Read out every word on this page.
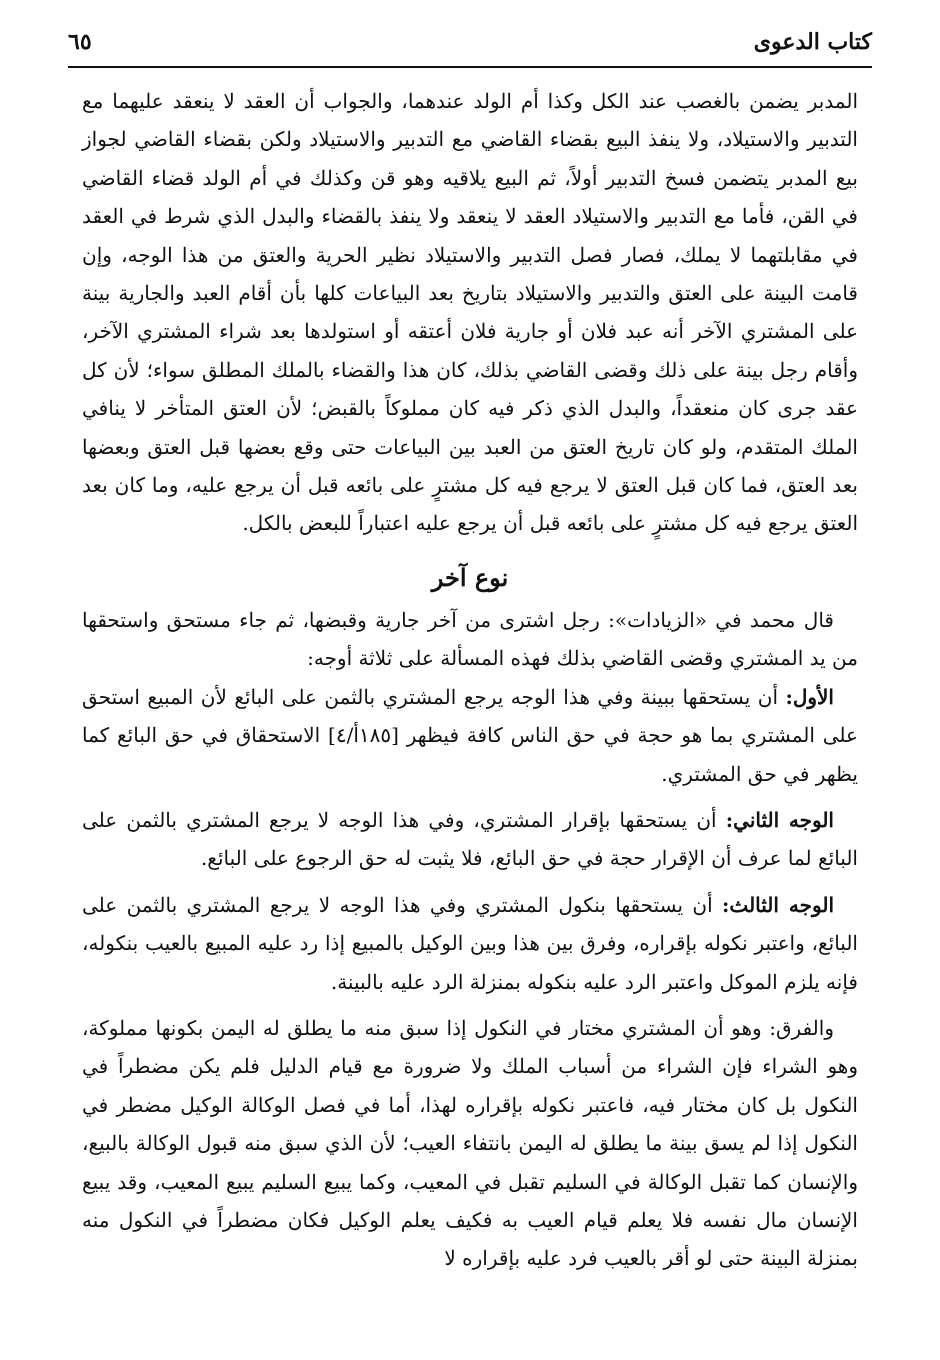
كتاب الدعوى
٦٥

المدبر يضمن بالغصب عند الكل وكذا أم الولد عندهما، والجواب أن العقد لا ينعقد عليهما مع التدبير والاستيلاد، ولا ينفذ البيع بقضاء القاضي مع التدبير والاستيلاد ولكن بقضاء القاضي لجواز بيع المدبر يتضمن فسخ التدبير أولاً، ثم البيع يلاقيه وهو قن وكذلك في أم الولد قضاء القاضي في القن، فأما مع التدبير والاستيلاد العقد لا ينعقد ولا ينفذ بالقضاء والبدل الذي شرط في العقد في مقابلتهما لا يملك، فصار فصل التدبير والاستيلاد نظير الحرية والعتق من هذا الوجه، وإن قامت البينة على العتق والتدبير والاستيلاد بتاريخ بعد البياعات كلها بأن أقام العبد والجارية بينة على المشتري الآخر أنه عبد فلان أو جارية فلان أعتقه أو استولدها بعد شراء المشتري الآخر، وأقام رجل بينة على ذلك وقضى القاضي بذلك، كان هذا والقضاء بالملك المطلق سواء؛ لأن كل عقد جرى كان منعقداً، والبدل الذي ذكر فيه كان مملوكاً بالقبض؛ لأن العتق المتأخر لا ينافي الملك المتقدم، ولو كان تاريخ العتق من العبد بين البياعات حتى وقع بعضها قبل العتق وبعضها بعد العتق، فما كان قبل العتق لا يرجع فيه كل مشترٍ على بائعه قبل أن يرجع عليه، وما كان بعد العتق يرجع فيه كل مشترٍ على بائعه قبل أن يرجع عليه اعتباراً للبعض بالكل.

نوع آخر

قال محمد في «الزيادات»: رجل اشترى من آخر جارية وقبضها، ثم جاء مستحق واستحقها من يد المشتري وقضى القاضي بذلك فهذه المسألة على ثلاثة أوجه:

الأول: أن يستحقها ببينة وفي هذا الوجه يرجع المشتري بالثمن على البائع لأن المبيع استحق على المشتري بما هو حجة في حق الناس كافة فيظهر [١٨٥أ/٤] الاستحقاق في حق البائع كما يظهر في حق المشتري.

الوجه الثاني: أن يستحقها بإقرار المشتري، وفي هذا الوجه لا يرجع المشتري بالثمن على البائع لما عرف أن الإقرار حجة في حق البائع، فلا يثبت له حق الرجوع على البائع.

الوجه الثالث: أن يستحقها بنكول المشتري وفي هذا الوجه لا يرجع المشتري بالثمن على البائع، واعتبر نكوله بإقراره، وفرق بين هذا وبين الوكيل بالمبيع إذا رد عليه المبيع بالعيب بنكوله، فإنه يلزم الموكل واعتبر الرد عليه بنكوله بمنزلة الرد عليه بالبينة.

والفرق: وهو أن المشتري مختار في النكول إذا سبق منه ما يطلق له اليمن بكونها مملوكة، وهو الشراء فإن الشراء من أسباب الملك ولا ضرورة مع قيام الدليل فلم يكن مضطراً في النكول بل كان مختار فيه، فاعتبر نكوله بإقراره لهذا، أما في فصل الوكالة الوكيل مضطر في النكول إذا لم يسق بينة ما يطلق له اليمن بانتفاء العيب؛ لأن الذي سبق منه قبول الوكالة بالبيع، والإنسان كما تقبل الوكالة في السليم تقبل في المعيب، وكما يبيع السليم يبيع المعيب، وقد يبيع الإنسان مال نفسه فلا يعلم قيام العيب به فكيف يعلم الوكيل فكان مضطراً في النكول منه بمنزلة البينة حتى لو أقر بالعيب فرد عليه بإقراره لا
